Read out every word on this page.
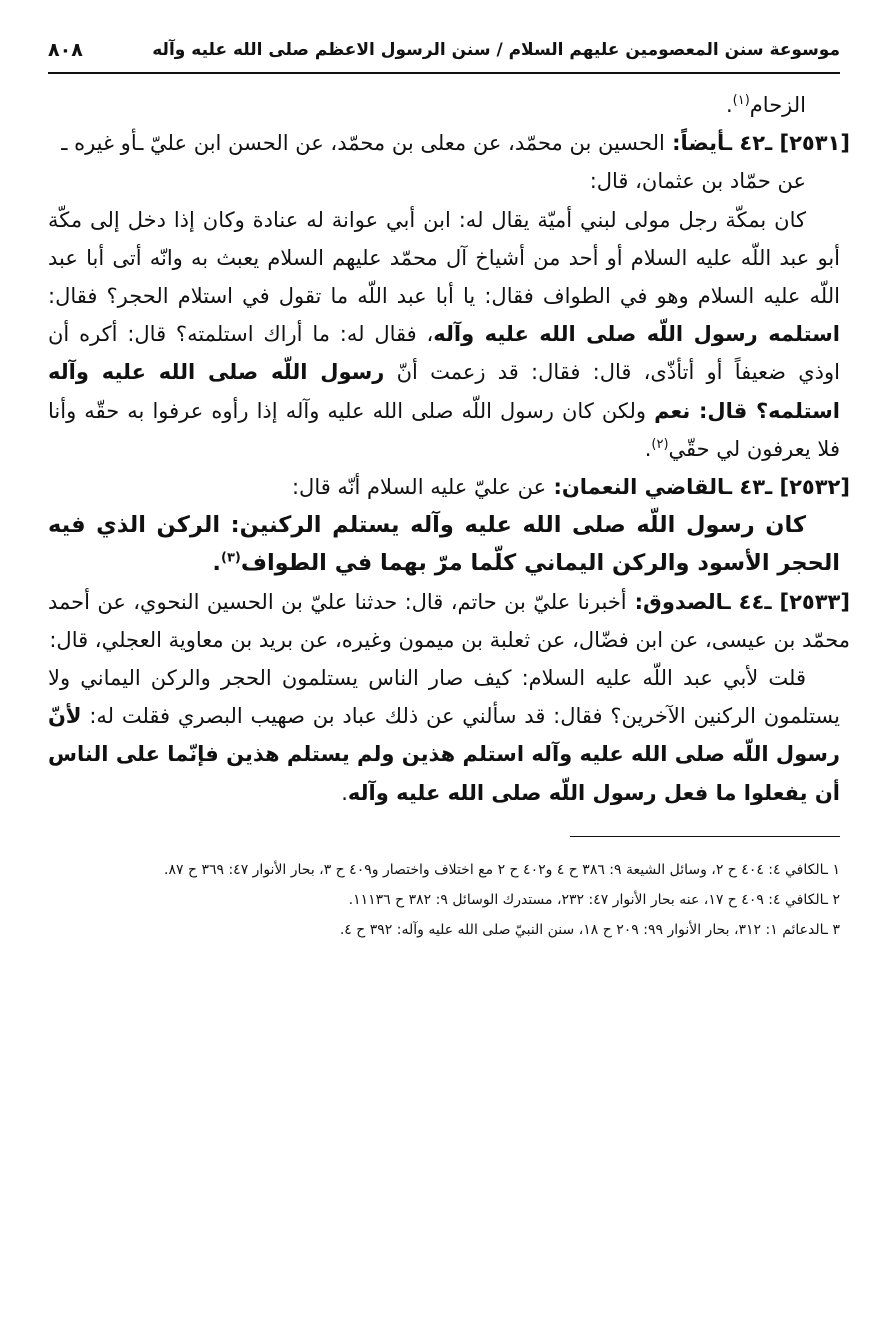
موسوعة سنن المعصومين عليهم السلام / سنن الرسول الاعظم صلى الله عليه وآله
٨٠٨

الزحام$^{(١)}$.

[٢٥٣١] ـ٤٢ ـأيضاً: الحسين بن محمّد، عن معلى بن محمّد، عن الحسن ابن عليّ ـأو غيره ـ

عن حمّاد بن عثمان، قال:

كان بمكّة رجل مولى لبني أميّة يقال له: ابن أبي عوانة له عنادة وكان إذا دخل إلى مكّة أبو عبد اللّه عليه السلام أو أحد من أشياخ آل محمّد عليهم السلام يعبث به وانّه أتى أبا عبد اللّه عليه السلام وهو في الطواف فقال: يا أبا عبد اللّه ما تقول في استلام الحجر؟ فقال: استلمه رسول اللّه صلى الله عليه وآله، فقال له: ما أراك استلمته؟ قال: أكره أن اوذي ضعيفاً أو أتأذّى، قال: فقال: قد زعمت أنّ رسول اللّه صلى الله عليه وآله استلمه؟ قال: نعم ولكن كان رسول اللّه صلى الله عليه وآله إذا رأوه عرفوا به حقّه وأنا فلا يعرفون لي حقّي$^{(٢)}$.

[٢٥٣٢] ـ٤٣ ـالقاضي النعمان: عن عليّ عليه السلام أنّه قال:

كان رسول اللّه صلى الله عليه وآله يستلم الركنين: الركن الذي فيه الحجر الأسود والركن اليماني كلّما مرّ بهما في الطواف$^{(٣)}$.

[٢٥٣٣] ـ٤٤ ـالصدوق: أخبرنا عليّ بن حاتم، قال: حدثنا عليّ بن الحسين النحوي، عن أحمد محمّد بن عيسى، عن ابن فضّال، عن ثعلبة بن ميمون وغيره، عن بريد بن معاوية العجلي، قال:

قلت لأبي عبد اللّه عليه السلام: كيف صار الناس يستلمون الحجر والركن اليماني ولا يستلمون الركنين الآخرين؟ فقال: قد سألني عن ذلك عباد بن صهيب البصري فقلت له: لأنّ رسول اللّه صلى الله عليه وآله استلم هذين ولم يستلم هذين فإنّما على الناس أن يفعلوا ما فعل رسول اللّه صلى الله عليه وآله.

١ ـالكافي ٤: ٤٠٤ ح ٢، وسائل الشيعة ٩: ٣٨٦ ح ٤ و٤٠٢ ح ٢ مع اختلاف واختصار و٤٠٩ ح ٣، بحار الأنوار ٤٧: ٣٦٩ ح ٨٧.

٢ ـالكافي ٤: ٤٠٩ ح ١٧، عنه بحار الأنوار ٤٧: ٢٣٢، مستدرك الوسائل ٩: ٣٨٢ ح ١١١٣٦.

٣ ـالدعائم ١: ٣١٢، بحار الأنوار ٩٩: ٢٠٩ ح ١٨، سنن النبيّ صلى الله عليه وآله: ٣٩٢ ح ٤.
